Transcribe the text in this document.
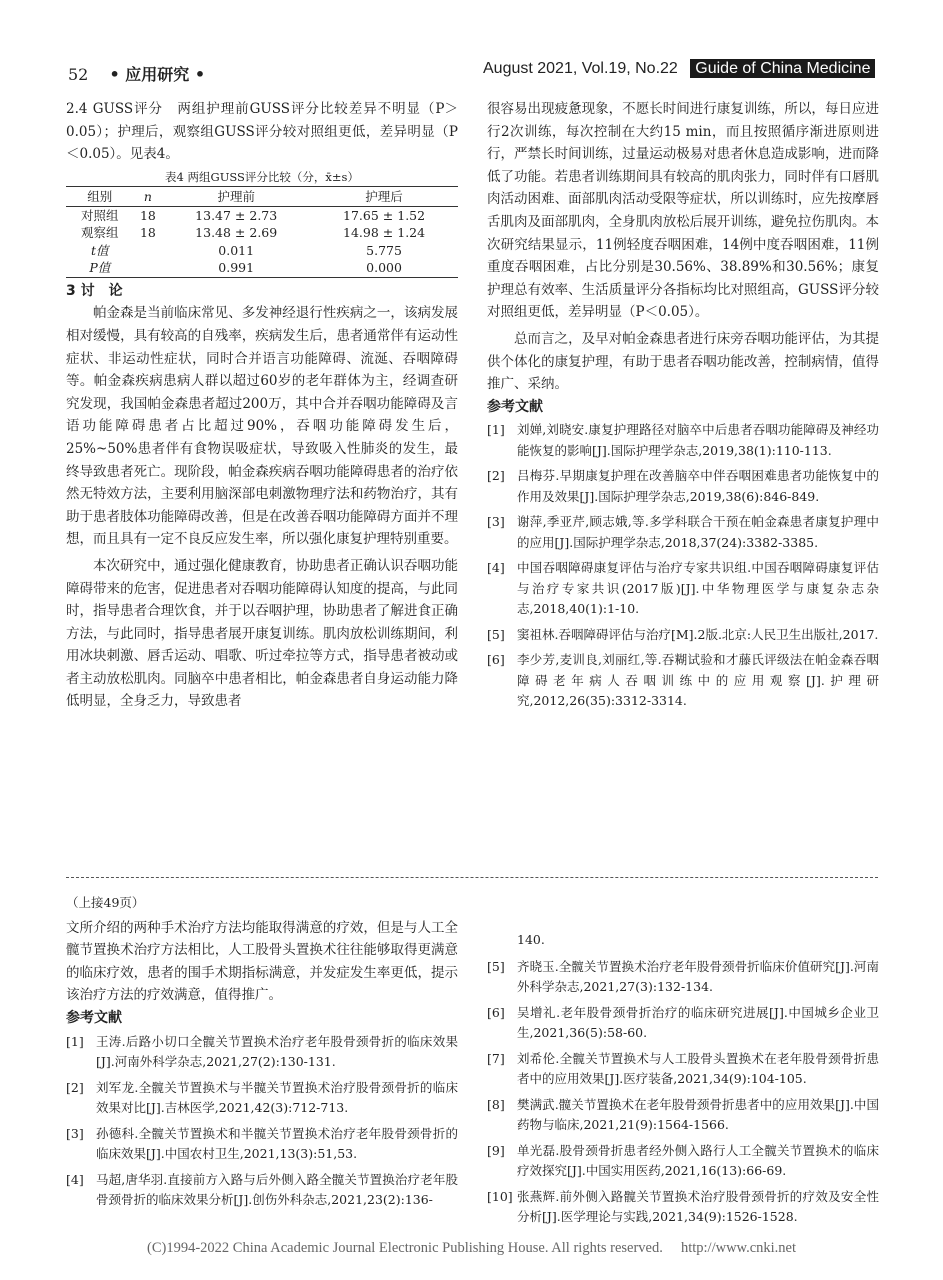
52 • 应用研究 •	August 2021, Vol.19, No.22 Guide of China Medicine

2.4 GUSS评分　两组护理前GUSS评分比较差异不明显（P＞0.05）；护理后，观察组GUSS评分较对照组更低，差异明显（P＜0.05）。见表4。

表4 两组GUSS评分比较（分，x̄±s）
组别	n	护理前	护理后
对照组	18	13.47 ± 2.73	17.65 ± 1.52
观察组	18	13.48 ± 2.69	14.98 ± 1.24
t值		0.011	5.775
P值		0.991	0.000

3 讨　论

帕金森是当前临床常见、多发神经退行性疾病之一，该病发展相对缓慢，具有较高的自残率，疾病发生后，患者通常伴有运动性症状、非运动性症状，同时合并语言功能障碍、流涎、吞咽障碍等。帕金森疾病患病人群以超过60岁的老年群体为主，经调查研究发现，我国帕金森患者超过200万，其中合并吞咽功能障碍及言语功能障碍患者占比超过90%，吞咽功能障碍发生后，25%~50%患者伴有食物误吸症状，导致吸入性肺炎的发生，最终导致患者死亡。现阶段，帕金森疾病吞咽功能障碍患者的治疗依然无特效方法，主要利用脑深部电刺激物理疗法和药物治疗，其有助于患者肢体功能障碍改善，但是在改善吞咽功能障碍方面并不理想，而且具有一定不良反应发生率，所以强化康复护理特别重要。

本次研究中，通过强化健康教育，协助患者正确认识吞咽功能障碍带来的危害，促进患者对吞咽功能障碍认知度的提高，与此同时，指导患者合理饮食，并于以吞咽护理，协助患者了解进食正确方法，与此同时，指导患者展开康复训练。肌肉放松训练期间，利用冰块刺激、唇舌运动、唱歌、听过牵拉等方式，指导患者被动或者主动放松肌肉。同脑卒中患者相比，帕金森患者自身运动能力降低明显，全身乏力，导致患者

很容易出现疲惫现象，不愿长时间进行康复训练，所以，每日应进行2次训练，每次控制在大约15 min，而且按照循序渐进原则进行，严禁长时间训练，过量运动极易对患者休息造成影响，进而降低了功能。若患者训练期间具有较高的肌肉张力，同时伴有口唇肌肉活动困难、面部肌肉活动受限等症状，所以训练时，应先按摩唇舌肌肉及面部肌肉，全身肌肉放松后展开训练，避免拉伤肌肉。本次研究结果显示，11例轻度吞咽困难，14例中度吞咽困难，11例重度吞咽困难，占比分别是30.56%、38.89%和30.56%；康复护理总有效率、生活质量评分各指标均比对照组高，GUSS评分较对照组更低，差异明显（P＜0.05）。

总而言之，及早对帕金森患者进行床旁吞咽功能评估，为其提供个体化的康复护理，有助于患者吞咽功能改善，控制病情，值得推广、采纳。

参考文献

[1] 刘婵,刘晓安.康复护理路径对脑卒中后患者吞咽功能障碍及神经功能恢复的影响[J].国际护理学杂志,2019,38(1):110-113.
[2] 吕梅芬.早期康复护理在改善脑卒中伴吞咽困难患者功能恢复中的作用及效果[J].国际护理学杂志,2019,38(6):846-849.
[3] 谢萍,季亚芹,顾志娥,等.多学科联合干预在帕金森患者康复护理中的应用[J].国际护理学杂志,2018,37(24):3382-3385.
[4] 中国吞咽障碍康复评估与治疗专家共识组.中国吞咽障碍康复评估与治疗专家共识(2017版)[J].中华物理医学与康复杂志杂志,2018,40(1):1-10.
[5] 窦祖林.吞咽障碍评估与治疗[M].2版.北京:人民卫生出版社,2017.
[6] 李少芳,麦训良,刘丽红,等.吞糊试验和才藤氏评级法在帕金森吞咽障碍老年病人吞咽训练中的应用观察[J].护理研究,2012,26(35):3312-3314.

（上接49页）

文所介绍的两种手术治疗方法均能取得满意的疗效，但是与人工全髋节置换术治疗方法相比，人工股骨头置换术往往能够取得更满意的临床疗效，患者的围手术期指标满意，并发症发生率更低，提示该治疗方法的疗效满意，值得推广。

参考文献

[1] 王涛.后路小切口全髋关节置换术治疗老年股骨颈骨折的临床效果[J].河南外科学杂志,2021,27(2):130-131.
[2] 刘军龙.全髋关节置换术与半髋关节置换术治疗股骨颈骨折的临床效果对比[J].吉林医学,2021,42(3):712-713.
[3] 孙德科.全髋关节置换术和半髋关节置换术治疗老年股骨颈骨折的临床效果[J].中国农村卫生,2021,13(3):51,53.
[4] 马超,唐华羽.直接前方入路与后外侧入路全髋关节置换治疗老年股骨颈骨折的临床效果分析[J].创伤外科杂志,2021,23(2):136-
140.
[5] 齐晓玉.全髋关节置换术治疗老年股骨颈骨折临床价值研究[J].河南外科学杂志,2021,27(3):132-134.
[6] 吴增礼.老年股骨颈骨折治疗的临床研究进展[J].中国城乡企业卫生,2021,36(5):58-60.
[7] 刘希伦.全髋关节置换术与人工股骨头置换术在老年股骨颈骨折患者中的应用效果[J].医疗装备,2021,34(9):104-105.
[8] 樊满武.髋关节置换术在老年股骨颈骨折患者中的应用效果[J].中国药物与临床,2021,21(9):1564-1566.
[9] 单光磊.股骨颈骨折患者经外侧入路行人工全髋关节置换术的临床疗效探究[J].中国实用医药,2021,16(13):66-69.
[10] 张燕辉.前外侧入路髋关节置换术治疗股骨颈骨折的疗效及安全性分析[J].医学理论与实践,2021,34(9):1526-1528.
(C)1994-2022 China Academic Journal Electronic Publishing House. All rights reserved.　 http://www.cnki.net
